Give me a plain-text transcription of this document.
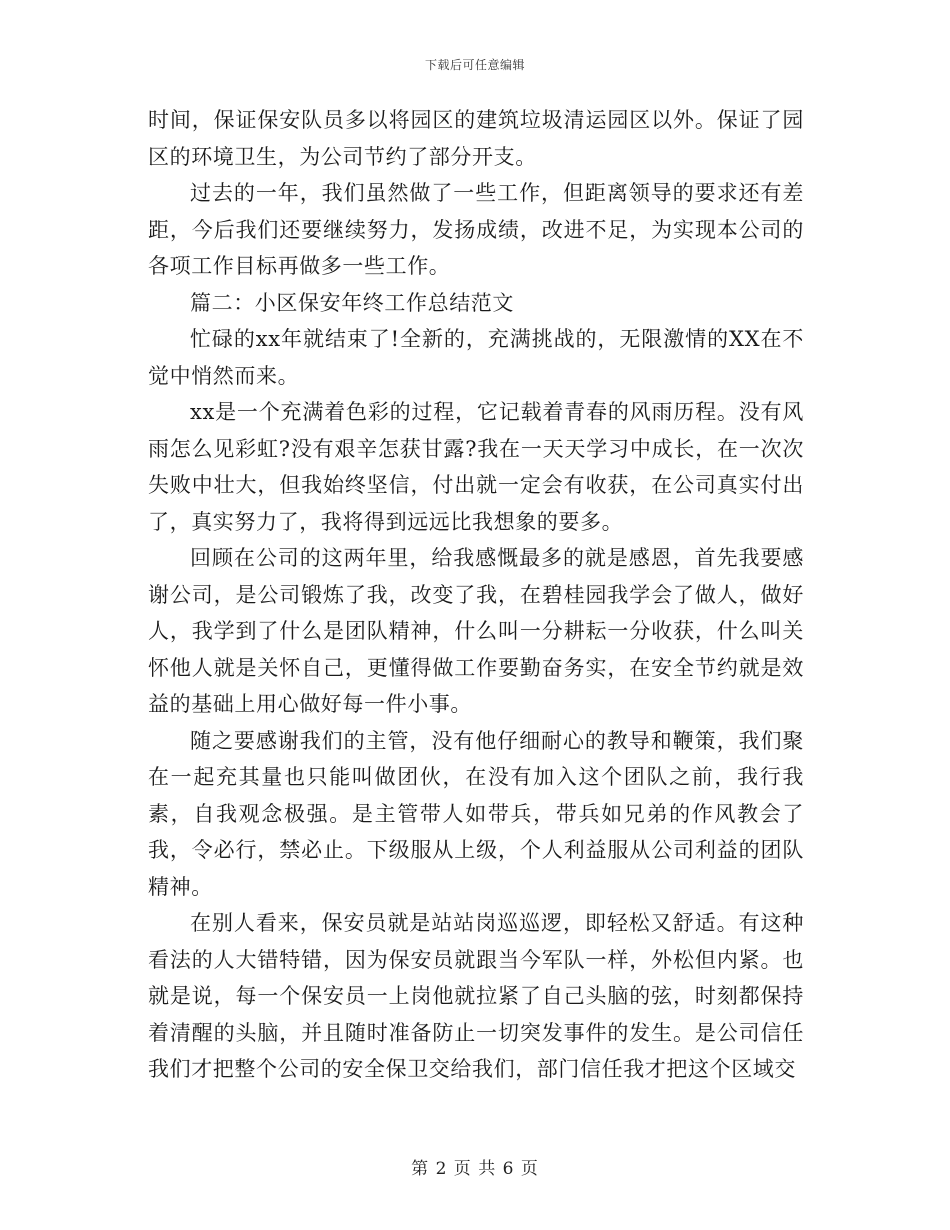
下载后可任意编辑

时间，保证保安队员多以将园区的建筑垃圾清运园区以外。保证了园区的环境卫生，为公司节约了部分开支。

过去的一年，我们虽然做了一些工作，但距离领导的要求还有差距，今后我们还要继续努力，发扬成绩，改进不足，为实现本公司的各项工作目标再做多一些工作。

篇二：小区保安年终工作总结范文

忙碌的xx年就结束了!全新的，充满挑战的，无限激情的XX在不觉中悄然而来。

xx是一个充满着色彩的过程，它记载着青春的风雨历程。没有风雨怎么见彩虹?没有艰辛怎获甘露?我在一天天学习中成长，在一次次失败中壮大，但我始终坚信，付出就一定会有收获，在公司真实付出了，真实努力了，我将得到远远比我想象的要多。

回顾在公司的这两年里，给我感慨最多的就是感恩，首先我要感谢公司，是公司锻炼了我，改变了我，在碧桂园我学会了做人，做好人，我学到了什么是团队精神，什么叫一分耕耘一分收获，什么叫关怀他人就是关怀自己，更懂得做工作要勤奋务实，在安全节约就是效益的基础上用心做好每一件小事。

随之要感谢我们的主管，没有他仔细耐心的教导和鞭策，我们聚在一起充其量也只能叫做团伙，在没有加入这个团队之前，我行我素，自我观念极强。是主管带人如带兵，带兵如兄弟的作风教会了我，令必行，禁必止。下级服从上级，个人利益服从公司利益的团队精神。

在别人看来，保安员就是站站岗巡巡逻，即轻松又舒适。有这种看法的人大错特错，因为保安员就跟当今军队一样，外松但内紧。也就是说，每一个保安员一上岗他就拉紧了自己头脑的弦，时刻都保持着清醒的头脑，并且随时准备防止一切突发事件的发生。是公司信任我们才把整个公司的安全保卫交给我们，部门信任我才把这个区域交

第 2 页 共 6 页
